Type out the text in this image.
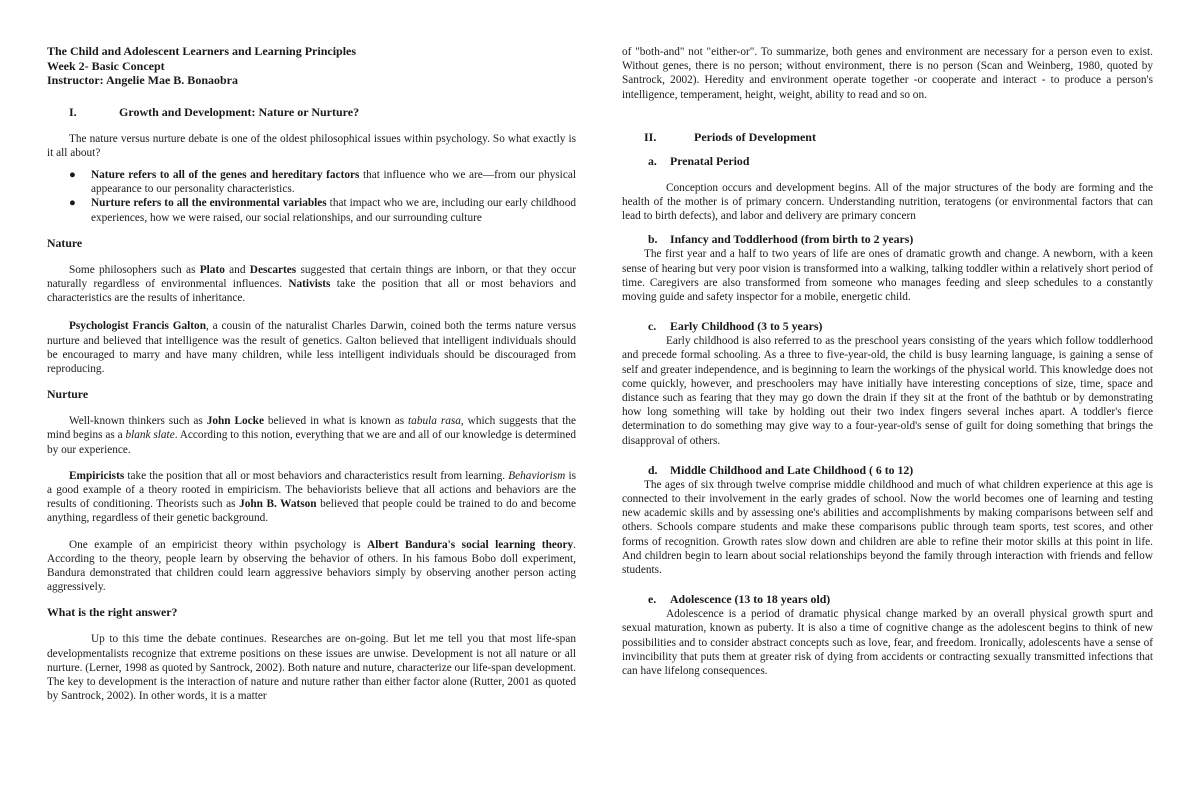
The Child and Adolescent Learners and Learning Principles
Week 2- Basic Concept
Instructor: Angelie Mae B. Bonaobra
I.	Growth and Development: Nature or Nurture?

The nature versus nurture debate is one of the oldest philosophical issues within psychology. So what exactly is it all about?

● Nature refers to all of the genes and hereditary factors that influence who we are—from our physical appearance to our personality characteristics.
● Nurture refers to all the environmental variables that impact who we are, including our early childhood experiences, how we were raised, our social relationships, and our surrounding culture
Nature

Some philosophers such as Plato and Descartes suggested that certain things are inborn, or that they occur naturally regardless of environmental influences. Nativists take the position that all or most behaviors and characteristics are the results of inheritance.

Psychologist Francis Galton, a cousin of the naturalist Charles Darwin, coined both the terms nature versus nurture and believed that intelligence was the result of genetics. Galton believed that intelligent individuals should be encouraged to marry and have many children, while less intelligent individuals should be discouraged from reproducing.

Nurture

Well-known thinkers such as John Locke believed in what is known as tabula rasa, which suggests that the mind begins as a blank slate. According to this notion, everything that we are and all of our knowledge is determined by our experience.

Empiricists take the position that all or most behaviors and characteristics result from learning. Behaviorism is a good example of a theory rooted in empiricism. The behaviorists believe that all actions and behaviors are the results of conditioning. Theorists such as John B. Watson believed that people could be trained to do and become anything, regardless of their genetic background.

One example of an empiricist theory within psychology is Albert Bandura's social learning theory. According to the theory, people learn by observing the behavior of others. In his famous Bobo doll experiment, Bandura demonstrated that children could learn aggressive behaviors simply by observing another person acting aggressively.

What is the right answer?

Up to this time the debate continues. Researches are on-going. But let me tell you that most life-span developmentalists recognize that extreme positions on these issues are unwise. Development is not all nature or all nurture. (Lerner, 1998 as quoted by Santrock, 2002). Both nature and nuture, characterize our life-span development. The key to development is the interaction of nature and nuture rather than either factor alone (Rutter, 2001 as quoted by Santrock, 2002). In other words, it is a matter

of "both-and" not "either-or". To summarize, both genes and environment are necessary for a person even to exist. Without genes, there is no person; without environment, there is no person (Scan and Weinberg, 1980, quoted by Santrock, 2002). Heredity and environment operate together -or cooperate and interact - to produce a person's intelligence, temperament, height, weight, ability to read and so on.

II.	Periods of Development
a.	Prenatal Period

Conception occurs and development begins. All of the major structures of the body are forming and the health of the mother is of primary concern. Understanding nutrition, teratogens (or environmental factors that can lead to birth defects), and labor and delivery are primary concern

b.	Infancy and Toddlerhood (from birth to 2 years)

The first year and a half to two years of life are ones of dramatic growth and change. A newborn, with a keen sense of hearing but very poor vision is transformed into a walking, talking toddler within a relatively short period of time. Caregivers are also transformed from someone who manages feeding and sleep schedules to a constantly moving guide and safety inspector for a mobile, energetic child.

c.	Early Childhood (3 to 5 years)

Early childhood is also referred to as the preschool years consisting of the years which follow toddlerhood and precede formal schooling. As a three to five-year-old, the child is busy learning language, is gaining a sense of self and greater independence, and is beginning to learn the workings of the physical world. This knowledge does not come quickly, however, and preschoolers may have initially have interesting conceptions of size, time, space and distance such as fearing that they may go down the drain if they sit at the front of the bathtub or by demonstrating how long something will take by holding out their two index fingers several inches apart. A toddler's fierce determination to do something may give way to a four-year-old's sense of guilt for doing something that brings the disapproval of others.

d.	Middle Childhood and Late Childhood ( 6 to 12)

The ages of six through twelve comprise middle childhood and much of what children experience at this age is connected to their involvement in the early grades of school. Now the world becomes one of learning and testing new academic skills and by assessing one's abilities and accomplishments by making comparisons between self and others. Schools compare students and make these comparisons public through team sports, test scores, and other forms of recognition. Growth rates slow down and children are able to refine their motor skills at this point in life. And children begin to learn about social relationships beyond the family through interaction with friends and fellow students.

e.	Adolescence (13 to 18 years old)

Adolescence is a period of dramatic physical change marked by an overall physical growth spurt and sexual maturation, known as puberty. It is also a time of cognitive change as the adolescent begins to think of new possibilities and to consider abstract concepts such as love, fear, and freedom. Ironically, adolescents have a sense of invincibility that puts them at greater risk of dying from accidents or contracting sexually transmitted infections that can have lifelong consequences.
